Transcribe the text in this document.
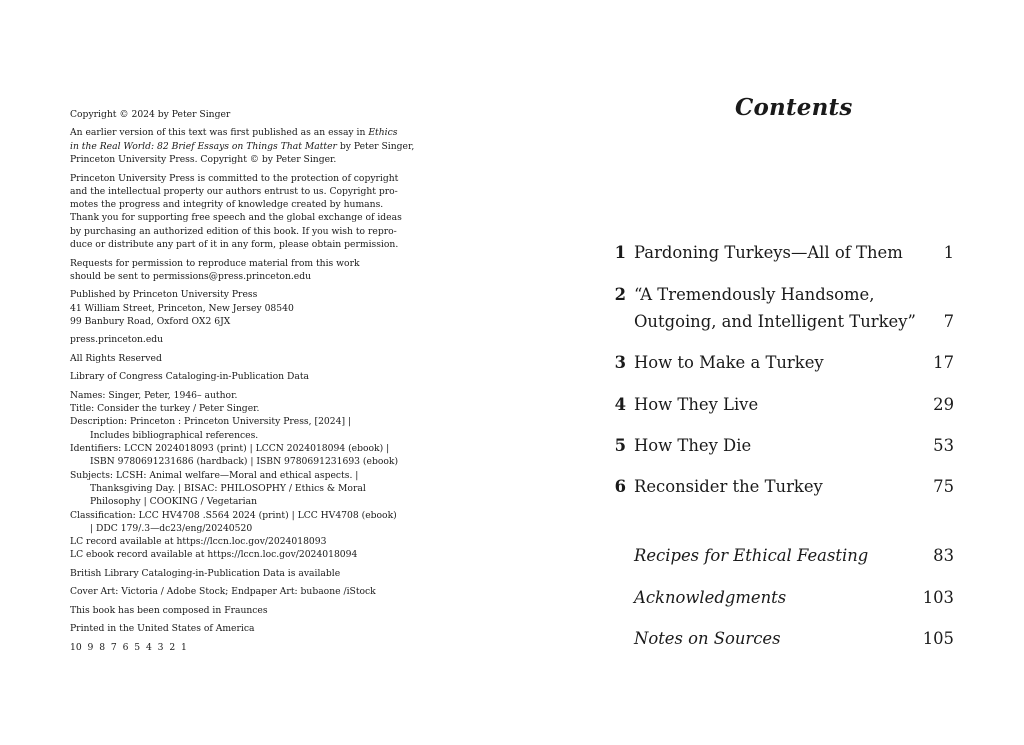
Copyright © 2024 by Peter Singer

An earlier version of this text was first published as an essay in Ethics
in the Real World: 82 Brief Essays on Things That Matter by Peter Singer,
Princeton University Press. Copyright © by Peter Singer.

Princeton University Press is committed to the protection of copyright
and the intellectual property our authors entrust to us. Copyright pro-
motes the progress and integrity of knowledge created by humans.
Thank you for supporting free speech and the global exchange of ideas
by purchasing an authorized edition of this book. If you wish to repro-
duce or distribute any part of it in any form, please obtain permission.

Requests for permission to reproduce material from this work
should be sent to permissions@press.princeton.edu

Published by Princeton University Press
41 William Street, Princeton, New Jersey 08540
99 Banbury Road, Oxford OX2 6JX

press.princeton.edu

All Rights Reserved

Library of Congress Cataloging-in-Publication Data

Names: Singer, Peter, 1946– author.
Title: Consider the turkey / Peter Singer.
Description: Princeton : Princeton University Press, [2024] |
Includes bibliographical references.
Identifiers: LCCN 2024018093 (print) | LCCN 2024018094 (ebook) |
ISBN 9780691231686 (hardback) | ISBN 9780691231693 (ebook)
Subjects: LCSH: Animal welfare—Moral and ethical aspects. |
Thanksgiving Day. | BISAC: PHILOSOPHY / Ethics & Moral
Philosophy | COOKING / Vegetarian
Classification: LCC HV4708 .S564 2024 (print) | LCC HV4708 (ebook)
| DDC 179/.3—dc23/eng/20240520
LC record available at https://lccn.loc.gov/2024018093
LC ebook record available at https://lccn.loc.gov/2024018094

British Library Cataloging-in-Publication Data is available

Cover Art: Victoria / Adobe Stock; Endpaper Art: bubaone /iStock

This book has been composed in Fraunces

Printed in the United States of America

10  9  8  7  6  5  4  3  2  1

Contents
1 Pardoning Turkeys—All of Them 1
2 “A Tremendously Handsome,
Outgoing, and Intelligent Turkey” 7
3 How to Make a Turkey	17
4 How They Live	29
5 How They Die	53
6 Reconsider the Turkey	75
Recipes for Ethical Feasting	83
Acknowledgments	103
Notes on Sources	105
